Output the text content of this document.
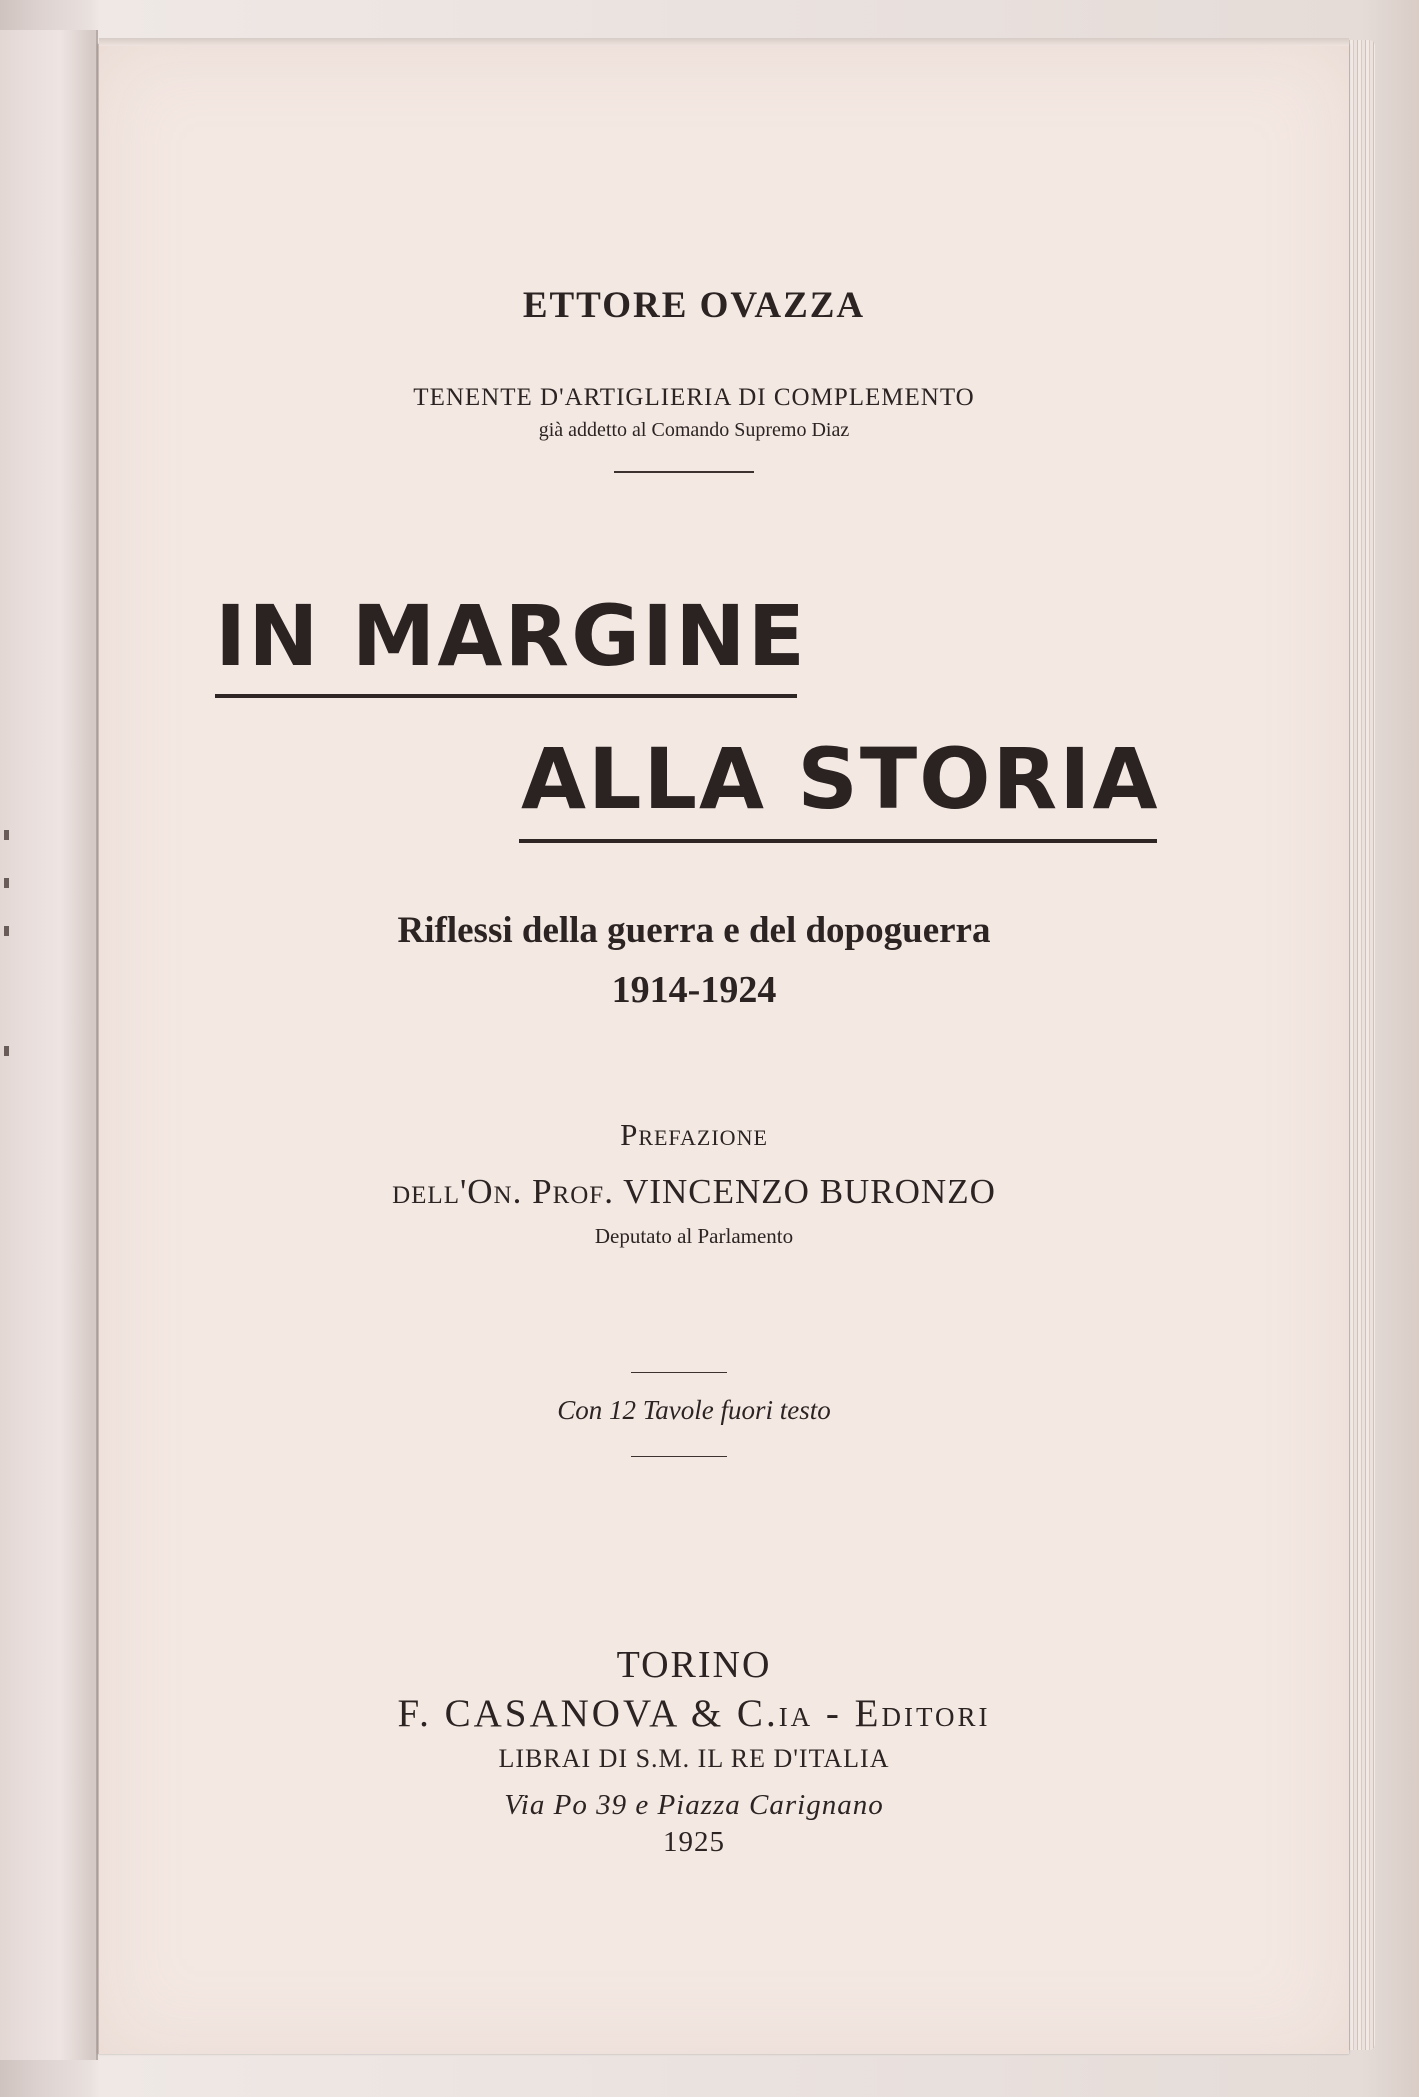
ETTORE OVAZZA
TENENTE D'ARTIGLIERIA DI COMPLEMENTO
già addetto al Comando Supremo Diaz
IN MARGINE
ALLA STORIA
Riflessi della guerra e del dopoguerra
1914-1924
Prefazione
dell'On. Prof. VINCENZO BURONZO
Deputato al Parlamento
Con 12 Tavole fuori testo
TORINO
F. CASANOVA & C.ia - Editori
LIBRAI DI S.M. IL RE D'ITALIA
Via Po 39 e Piazza Carignano
1925
